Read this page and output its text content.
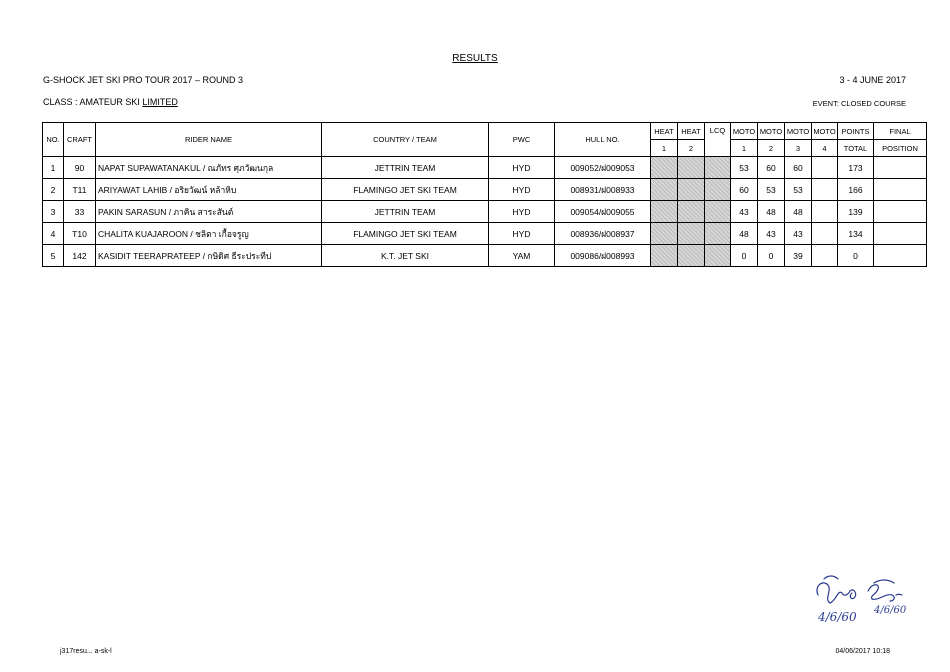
RESULTS
G-SHOCK JET SKI PRO TOUR 2017 – ROUND 3	3 - 4 JUNE 2017
CLASS : AMATEUR SKI LIMITED	EVENT: CLOSED COURSE
NO.	CRAFT	RIDER NAME	COUNTRY / TEAM	PWC	HULL NO.	HEAT	HEAT	LCQ	MOTO	MOTO	MOTO	MOTO	POINTS	FINAL
						1	2		1	2	3	4	TOTAL	POSITION
1	90	NAPAT SUPAWATANAKUL / ณภัทร ศุภวัฒนกุล	JETTRIN TEAM	HYD	009052/ฝ009053				53	60	60		173	
2	T11	ARIYAWAT LAHIB / อริยวัฒน์ หล้าหิบ	FLAMINGO JET SKI TEAM	HYD	008931/ฝ008933				60	53	53		166	
3	33	PAKIN SARASUN / ภาคิน สาระสันต์	JETTRIN TEAM	HYD	009054/ฝ009055				43	48	48		139	
4	T10	CHALITA KUAJAROON / ชลิตา เกื้อจรูญ	FLAMINGO JET SKI TEAM	HYD	008936/ฝ008937				48	43	43		134	
5	142	KASIDIT TEERAPRATEEP / กษิดิศ ธีระประทีป	K.T. JET SKI	YAM	009086/ฝ008993				0	0	39		0	
4/6/60 4/6/60
j317resu... a-sk-l	04/06/2017 10:18
